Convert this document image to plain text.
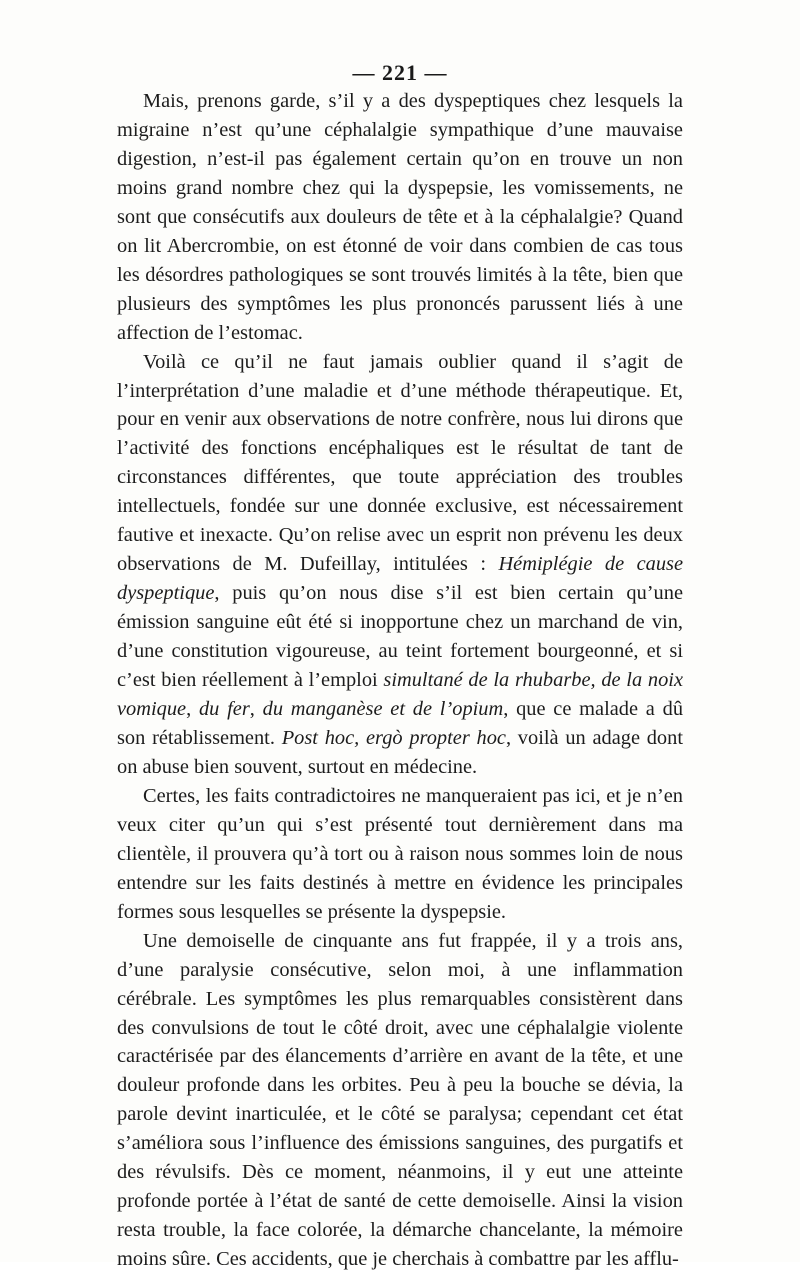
— 221 —

Mais, prenons garde, s’il y a des dyspeptiques chez lesquels la migraine n’est qu’une céphalalgie sympathique d’une mauvaise digestion, n’est-il pas également certain qu’on en trouve un non moins grand nombre chez qui la dyspepsie, les vomissements, ne sont que consécutifs aux douleurs de tête et à la céphalalgie? Quand on lit Abercrombie, on est étonné de voir dans combien de cas tous les désordres pathologiques se sont trouvés limités à la tête, bien que plusieurs des symptômes les plus prononcés parussent liés à une affection de l’estomac.

Voilà ce qu’il ne faut jamais oublier quand il s’agit de l’interprétation d’une maladie et d’une méthode thérapeutique. Et, pour en venir aux observations de notre confrère, nous lui dirons que l’activité des fonctions encéphaliques est le résultat de tant de circonstances différentes, que toute appréciation des troubles intellectuels, fondée sur une donnée exclusive, est nécessairement fautive et inexacte. Qu’on relise avec un esprit non prévenu les deux observations de M. Dufeillay, intitulées : Hémiplégie de cause dyspeptique, puis qu’on nous dise s’il est bien certain qu’une émission sanguine eût été si inopportune chez un marchand de vin, d’une constitution vigoureuse, au teint fortement bourgeonné, et si c’est bien réellement à l’emploi simultané de la rhubarbe, de la noix vomique, du fer, du manganèse et de l’opium, que ce malade a dû son rétablissement. Post hoc, ergò propter hoc, voilà un adage dont on abuse bien souvent, surtout en médecine.

Certes, les faits contradictoires ne manqueraient pas ici, et je n’en veux citer qu’un qui s’est présenté tout dernièrement dans ma clientèle, il prouvera qu’à tort ou à raison nous sommes loin de nous entendre sur les faits destinés à mettre en évidence les principales formes sous lesquelles se présente la dyspepsie.

Une demoiselle de cinquante ans fut frappée, il y a trois ans, d’une paralysie consécutive, selon moi, à une inflammation cérébrale. Les symptômes les plus remarquables consistèrent dans des convulsions de tout le côté droit, avec une céphalalgie violente caractérisée par des élancements d’arrière en avant de la tête, et une douleur profonde dans les orbites. Peu à peu la bouche se dévia, la parole devint inarticulée, et le côté se paralysa; cependant cet état s’améliora sous l’influence des émissions sanguines, des purgatifs et des révulsifs. Dès ce moment, néanmoins, il y eut une atteinte profonde portée à l’état de santé de cette demoiselle. Ainsi la vision resta trouble, la face colorée, la démarche chancelante, la mémoire moins sûre. Ces accidents, que je cherchais à combattre par les afflu-
